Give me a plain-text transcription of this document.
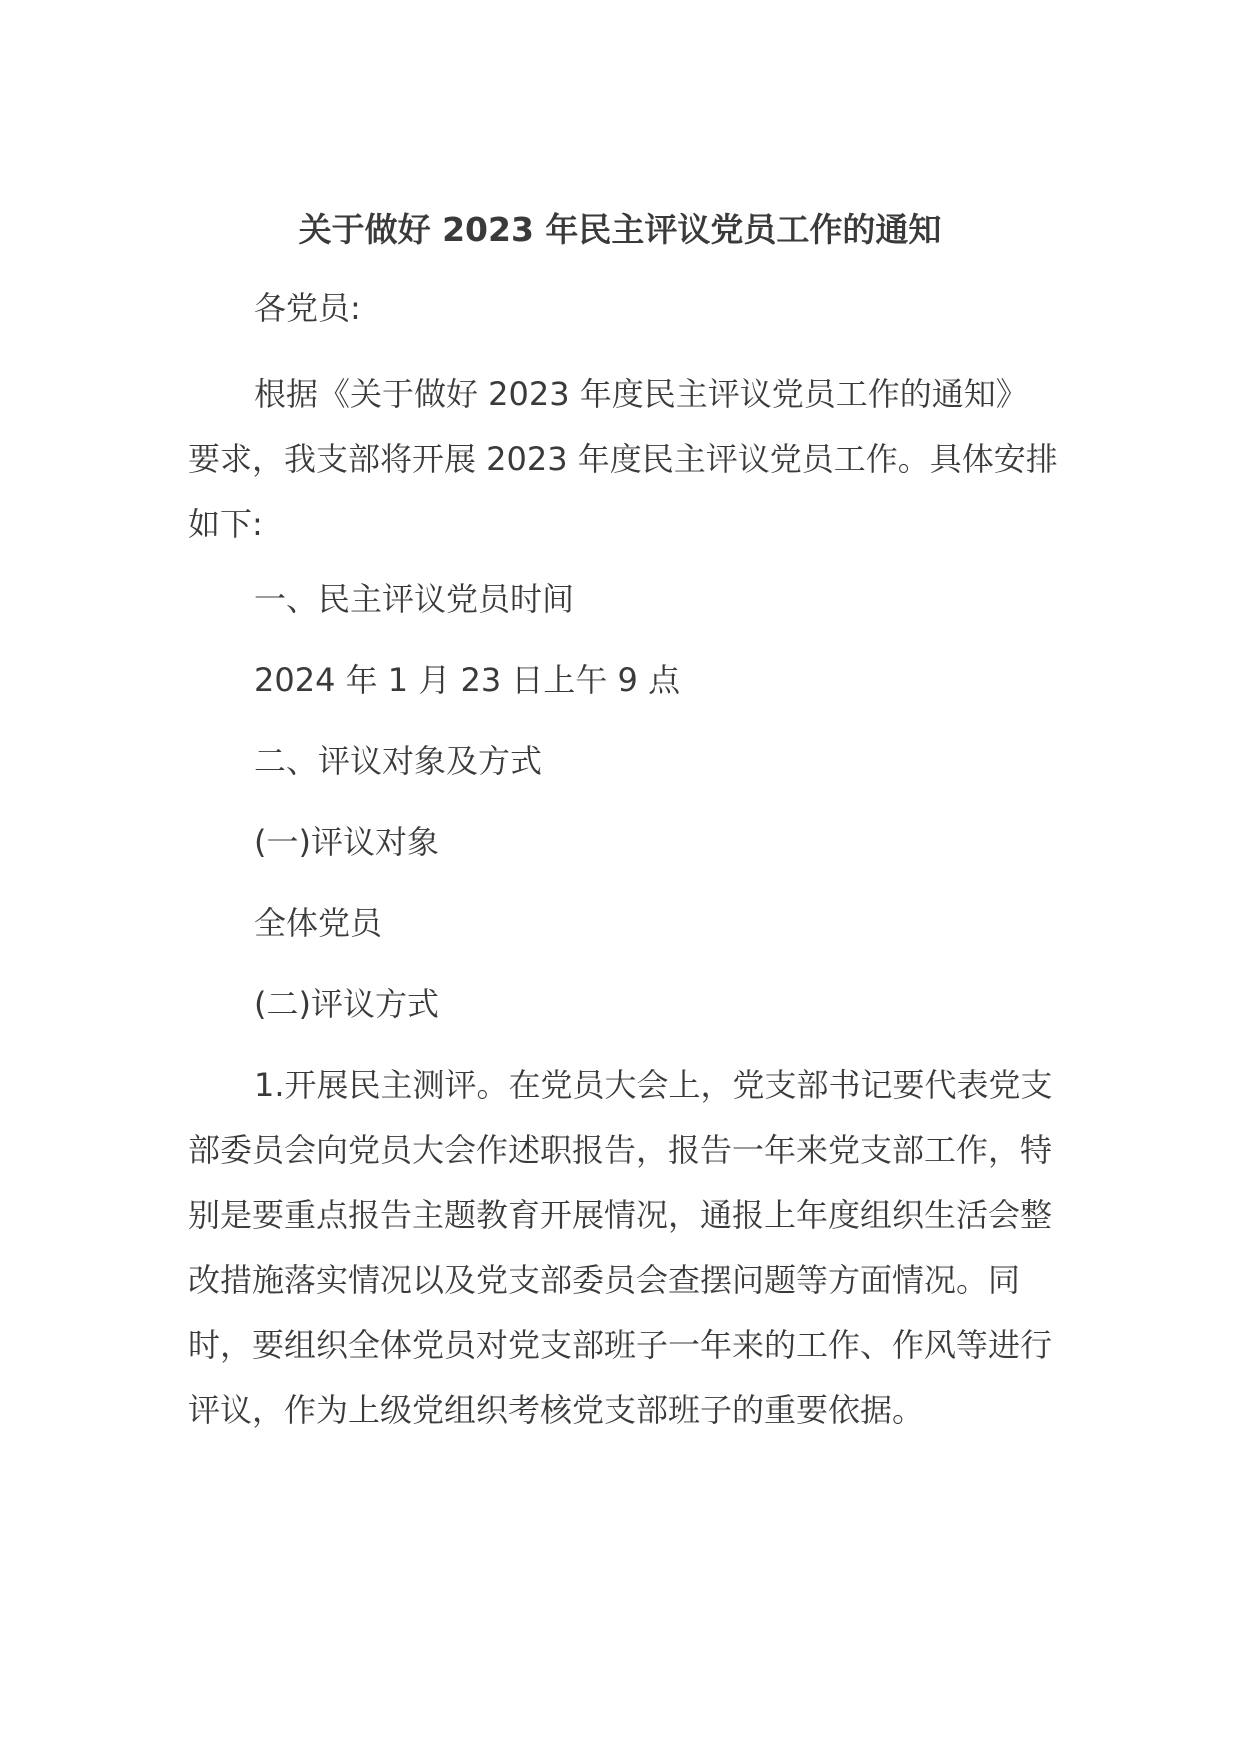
关于做好 2023 年民主评议党员工作的通知

各党员:

根据《关于做好 2023 年度民主评议党员工作的通知》要求，我支部将开展 2023 年度民主评议党员工作。具体安排如下:

一、民主评议党员时间

2024 年 1 月 23 日上午 9 点

二、评议对象及方式

(一)评议对象

全体党员

(二)评议方式

1.开展民主测评。在党员大会上，党支部书记要代表党支部委员会向党员大会作述职报告，报告一年来党支部工作，特别是要重点报告主题教育开展情况，通报上年度组织生活会整改措施落实情况以及党支部委员会查摆问题等方面情况。同时，要组织全体党员对党支部班子一年来的工作、作风等进行评议，作为上级党组织考核党支部班子的重要依据。
